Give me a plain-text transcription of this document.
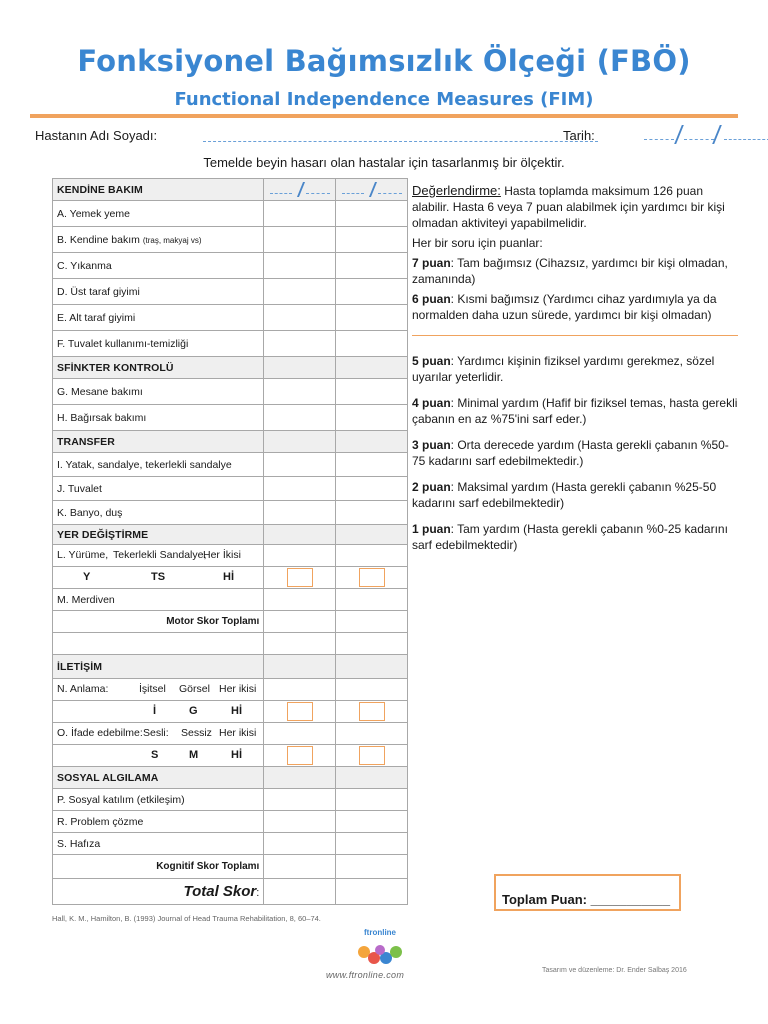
Fonksiyonel Bağımsızlık Ölçeği (FBÖ)
Functional Independence Measures (FIM)
Hastanın Adı Soyadı:	Tarih:
Temelde beyin hasarı olan hastalar için tasarlanmış bir ölçektir.
KENDİNE BAKIM	

A. Yemek yeme		
B. Kendine bakım (traş, makyaj vs)		
C. Yıkanma		
D. Üst taraf giyimi		
E. Alt taraf giyimi		
F. Tuvalet kullanımı-temizliği		
SFİNKTER KONTROLÜ		
G. Mesane bakımı		
H. Bağırsak bakımı		
TRANSFER		
I. Yatak, sandalye, tekerlekli sandalye		
J. Tuvalet		
K. Banyo, duş		
YER DEĞİŞTİRME		

L. Yürüme, Tekerlekli Sandalye,
Her İkisi		

Y TS Hİ		

M. Merdiven		
Motor Skor Toplamı		

İLETİŞİM		

N. Anlama: İşitsel Görsel Her ikisi		

İ G Hİ		

O. İfade edebilme: Sesli: Sessiz Her ikisi		

S M Hİ		

SOSYAL ALGILAMA		
P. Sosyal katılım (etkileşim)		
R. Problem çözme		
S. Hafıza		
Kognitif Skor Toplamı		
Total Skor:		

Değerlendirme: Hasta toplamda maksimum 126 puan alabilir. Hasta 6 veya 7 puan alabilmek için yardımcı bir kişi olmadan aktiviteyi yapabilmelidir.

Her bir soru için puanlar:

7 puan: Tam bağımsız (Cihazsız, yardımcı bir kişi olmadan, zamanında)

6 puan: Kısmi bağımsız (Yardımcı cihaz yardımıyla ya da normalden daha uzun sürede, yardımcı bir kişi olmadan)

5 puan: Yardımcı kişinin fiziksel yardımı gerekmez, sözel uyarılar yeterlidir.

4 puan: Minimal yardım (Hafif bir fiziksel temas, hasta gerekli çabanın en az %75'ini sarf eder.)

3 puan: Orta derecede yardım (Hasta gerekli çabanın %50-75 kadarını sarf edebilmektedir.)

2 puan: Maksimal yardım (Hasta gerekli çabanın %25-50 kadarını sarf edebilmektedir)

1 puan: Tam yardım (Hasta gerekli çabanın %0-25 kadarını sarf edebilmektedir)

Toplam Puan: ___________
Hall, K. M., Hamilton, B. (1993) Journal of Head Trauma Rehabilitation, 8, 60–74.
ftronline
www.ftronline.com	Tasarım ve düzenleme: Dr. Ender Salbaş 2016
